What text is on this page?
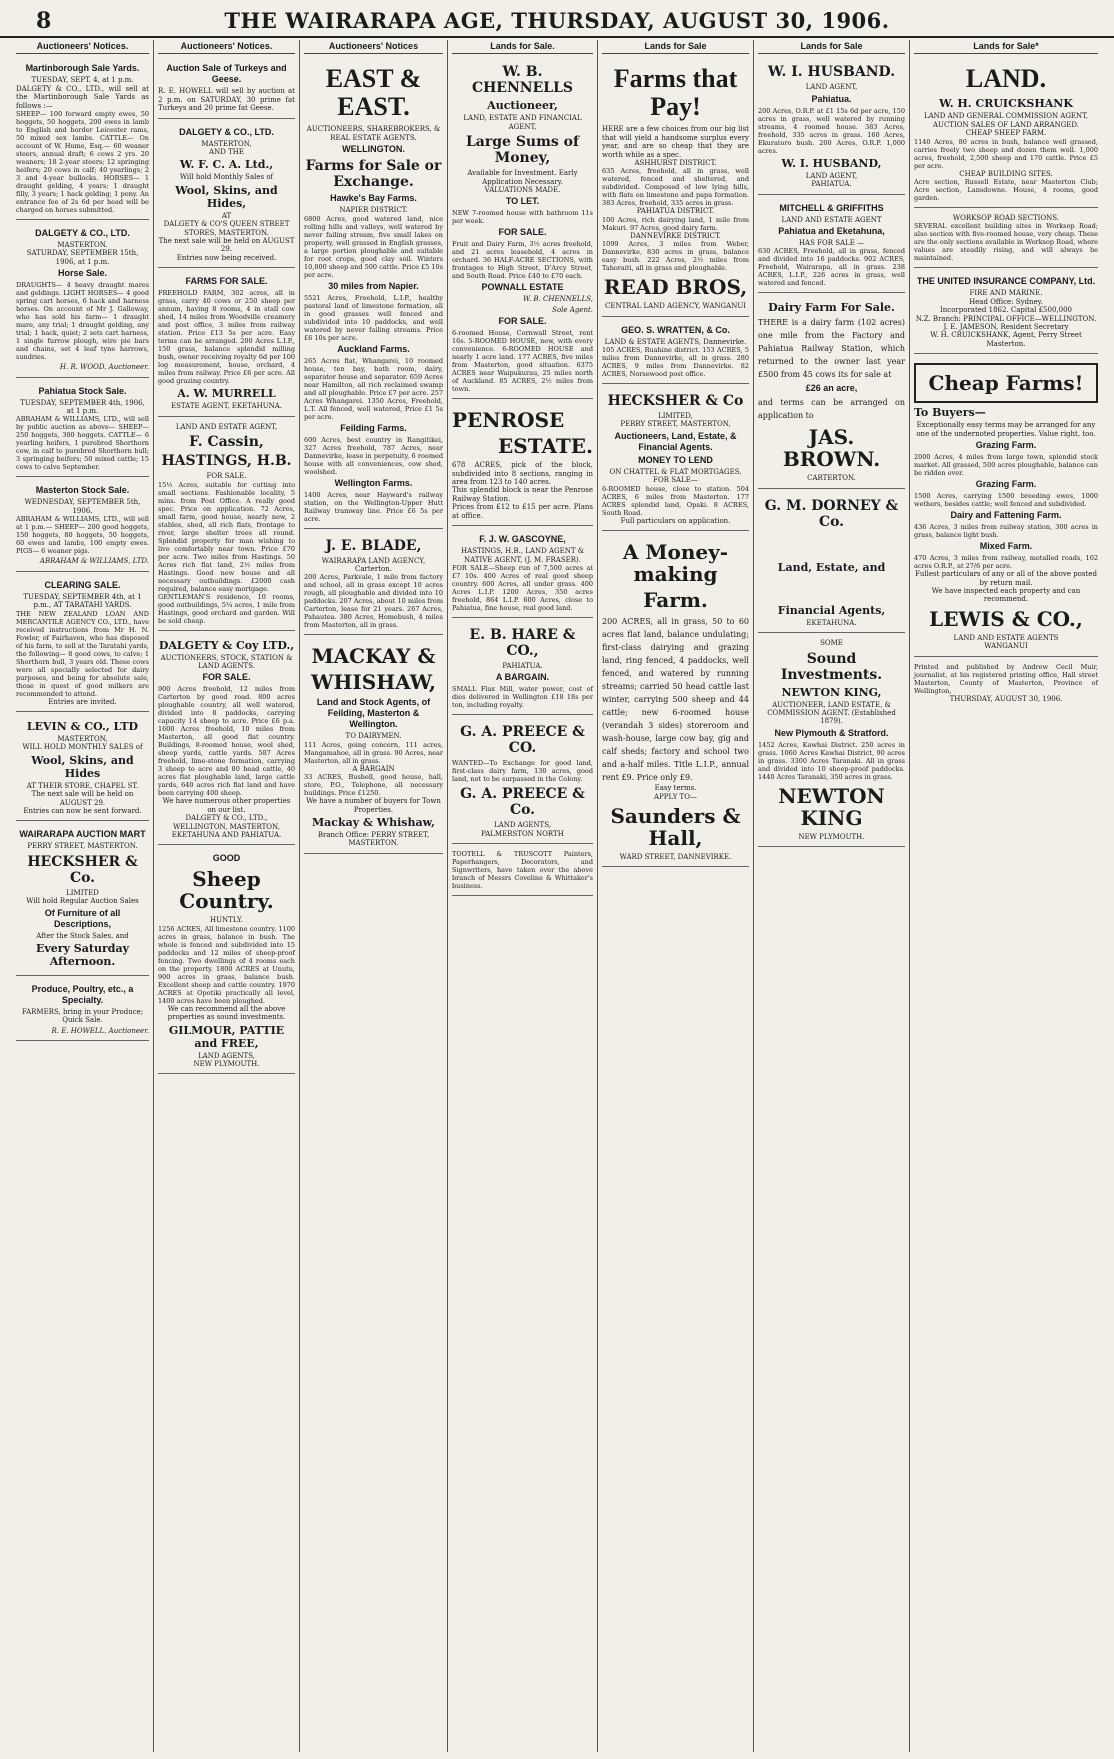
8	THE WAIRARAPA AGE, THURSDAY, AUGUST 30, 1906.
Auctioneers' Notices.
Martinborough Sale Yards.
TUESDAY, SEPT. 4, at 1 p.m.
DALGETY & CO., LTD., will sell at the Martinborough Sale Yards as follows :—
SHEEP— 100 forward empty ewes, 50 hoggets, 50 hoggets, 200 ewes in lamb to English and border Leicester rams, 50 mixed sex lambs. CATTLE— On account of W. Hume, Esq.— 60 weaner steers, annual draft; 6 cows 2 yrs. 20 weaners; 18 2-year steers; 12 springing heifers; 20 cows in calf; 40 yearlings; 2 3 and 4-year bullocks. HORSES— 1 draught gelding, 4 years; 1 draught filly, 3 years; 1 hack gelding; 1 pony. An entrance fee of 2s 6d per head will be charged on horses submitted.
DALGETY & CO., LTD.
MASTERTON.
SATURDAY, SEPTEMBER 15th, 1906, at 1 p.m.
Horse Sale.
DRAUGHTS— 4 heavy draught mares and geldings. LIGHT HORSES— 4 good spring cart horses, 6 hack and harness horses. On account of Mr J. Galloway, who has sold his farm— 1 draught mare, any trial; 1 draught gelding, any trial; 1 hack, quiet; 2 sets cart harness, 1 single furrow plough, wire pie bars and chains, set 4 leaf tyne harrows, sundries.
H. R. WOOD, Auctioneer.
Pahiatua Stock Sale.
TUESDAY, SEPTEMBER 4th, 1906, at 1 p.m.
ABRAHAM & WILLIAMS, LTD., will sell by public auction as above— SHEEP— 250 hoggets, 300 hoggets. CATTLE— 6 yearling heifers, 1 purebred Shorthorn cow, in calf to purebred Shorthorn bull; 3 springing heifers; 50 mixed cattle; 15 cows to calve September.
Masterton Stock Sale.
WEDNESDAY, SEPTEMBER 5th, 1906.
ABRAHAM & WILLIAMS, LTD., will sell at 1 p.m.— SHEEP— 200 good hoggets, 150 hoggets, 80 hoggets, 50 hoggets, 60 ewes and lambs, 100 empty ewes. PIGS— 6 weaner pigs.
ABRAHAM & WILLIAMS, LTD.
CLEARING SALE.
TUESDAY, SEPTEMBER 4th, at 1 p.m., AT TARATAHI YARDS.
THE NEW ZEALAND LOAN AND MERCANTILE AGENCY CO., LTD., have received instructions from Mr H. N. Fowler, of Fairhaven, who has disposed of his farm, to sell at the Taratahi yards, the following— 8 good cows, to calve; 1 Shorthorn bull, 3 years old. These cows were all specially selected for dairy purposes, and being for absolute sale, those in quest of good milkers are recommended to attend.
Entries are invited.
LEVIN & CO., LTD
MASTERTON,
WILL HOLD MONTHLY SALES of
Wool, Skins, and Hides
AT THEIR STORE, CHAPEL ST.
The next sale will be held on AUGUST 29.
Entries can now be sent forward.
WAIRARAPA AUCTION MART
PERRY STREET, MASTERTON.
HECKSHER & Co.
LIMITED
Will hold Regular Auction Sales
Of Furniture of all Descriptions,
After the Stock Sales, and
Every Saturday Afternoon.
Produce, Poultry, etc., a Specialty.
FARMERS, bring in your Produce; Quick Sale.
R. E. HOWELL, Auctioneer.
Auctioneers' Notices.
Auction Sale of Turkeys and Geese.
R. E. HOWELL will sell by auction at 2 p.m. on SATURDAY, 30 prime fat Turkeys and 20 prime fat Geese.
DALGETY & CO., LTD.
MASTERTON,
AND THE
W. F. C. A. Ltd.,
Will hold Monthly Sales of
Wool, Skins, and Hides,
AT
DALGETY & CO'S QUEEN STREET STORES, MASTERTON.
The next sale will be held on AUGUST 29.
Entries now being received.
FARMS FOR SALE.
FREEHOLD FARM, 302 acres, all in grass, carry 40 cows or 250 sheep per annum, having 8 rooms, 4 in stall cow shed, 14 miles from Woodville creamery and post office, 3 miles from railway station. Price £13 5s per acre. Easy terms can be arranged. 200 Acres L.I.P., 150 grass, balance splendid milling bush, owner receiving royalty 6d per 100 log measurement, house, orchard, 4 miles from railway. Price £6 per acre. All good grazing country.
A. W. MURRELL
ESTATE AGENT, EKETAHUNA.
LAND AND ESTATE AGENT,
F. Cassin,
HASTINGS, H.B.
FOR SALE.
15½ Acres, suitable for cutting into small sections. Fashionable locality, 5 mins. from Post Office. A really good spec. Price on application. 72 Acres, small farm, good house, nearly new, 2 stables, shed, all rich flats, frontage to river, large shelter trees all round. Splendid property for man wishing to live comfortably near town. Price £70 per acre. Two miles from Hastings. 50 Acres rich flat land, 2½ miles from Hastings. Good new house and all necessary outbuildings. £2000 cash required, balance easy mortgage.
GENTLEMAN'S residence, 10 rooms, good outbuildings, 5¼ acres, 1 mile from Hastings, good orchard and garden. Will be sold cheap.
DALGETY & Coy LTD.,
AUCTIONEERS, STOCK, STATION & LAND AGENTS.
FOR SALE.
900 Acres freehold, 12 miles from Carterton by good road. 800 acres ploughable country, all well watered, divided into 8 paddocks, carrying capacity 14 sheep to acre. Price £6 p.a. 1600 Acres freehold, 10 miles from Masterton, all good flat country. Buildings, 8-roomed house, wool shed, sheep yards, cattle yards. 587 Acres freehold, lime-stone formation, carrying 3 sheep to acre and 80 head cattle, 40 acres flat ploughable land, large cattle yards, 640 acres rich flat land and have been carrying 400 sheep.
We have numerous other properties on our list.
DALGETY & CO., LTD., WELLINGTON, MASTERTON, EKETAHUNA AND PAHIATUA.
GOOD
Sheep Country.
HUNTLY.
1256 ACRES, All limestone country. 1100 acres in grass, balance in bush. The whole is fenced and subdivided into 15 paddocks and 12 miles of sheep-proof fencing. Two dwellings of 4 rooms each on the property. 1800 ACRES at Unutu, 900 acres in grass, balance bush. Excellent sheep and cattle country. 1970 ACRES at Opotiki practically all level, 1400 acres have been ploughed.
We can recommend all the above properties as sound investments.
GILMOUR, PATTIE and FREE,
LAND AGENTS,
NEW PLYMOUTH.
Auctioneers' Notices
EAST & EAST.
AUCTIONEERS, SHAREBROKERS, & REAL ESTATE AGENTS.
WELLINGTON.
Farms for Sale or Exchange.
Hawke's Bay Farms.
NAPIER DISTRICT.
6800 Acres, good watered land, nice rolling hills and valleys, well watered by never failing stream, five small lakes on property, well grassed in English grasses, a large portion ploughable and suitable for root crops, good clay soil. Winters 10,000 sheep and 500 cattle. Price £5 10s per acre.
30 miles from Napier.
5521 Acres, Freehold, L.I.P., healthy pastoral land of limestone formation, all in good grasses well fenced and subdivided into 10 paddocks, and well watered by never failing streams. Price £6 10s per acre.
Auckland Farms.
265 Acres flat, Whangarei, 10 roomed house, ten bay, bath room, dairy, separator house and separator. 659 Acres near Hamilton, all rich reclaimed swamp and all ploughable. Price £7 per acre. 257 Acres Whangarei. 1350 Acres, Freehold, L.T. All fenced, well watered, Price £1 5s per acre.
Feilding Farms.
600 Acres, best country in Rangitikei, 327 Acres freehold, 787 Acres, near Dannevirke, lease in perpetuity, 6 roomed house with all conveniences, cow shed, woolshed.
Wellington Farms.
1400 Acres, near Hayward's railway station, on the Wellington-Upper Hutt Railway tramway line. Price £6 5s per acre.
J. E. BLADE,
WAIRARAPA LAND AGENCY, Carterton.
200 Acres, Parkvale, 1 mile from factory and school, all in grass except 10 acres rough, all ploughable and divided into 10 paddocks. 207 Acres, about 10 miles from Carterton, lease for 21 years. 267 Acres, Pahautea. 380 Acres, Homebush, 4 miles from Masterton, all in grass.
MACKAY &
WHISHAW,
Land and Stock Agents, of Feilding, Masterton & Wellington.
TO DAIRYMEN.
111 Acres, going concern, 111 acres, Mangamahoe, all in grass. 90 Acres, near Masterton, all in grass.
A BARGAIN
33 ACRES, Bushell, good house, hall, store, P.O., Telephone, all necessary buildings. Price £1250.
We have a number of buyers for Town Properties.
Mackay & Whishaw,
Branch Office: PERRY STREET, MASTERTON.
Lands for Sale.
W. B. CHENNELLS
Auctioneer,
LAND, ESTATE AND FINANCIAL AGENT,
Large Sums of Money,
Available for Investment. Early Application Necessary.
VALUATIONS MADE.
TO LET.
NEW 7-roomed house with bathroom 11s per week.
FOR SALE.
Fruit and Dairy Farm, 3½ acres freehold, and 21 acres leasehold, 4 acres in orchard. 36 HALF-ACRE SECTIONS, with frontages to High Street, D'Arcy Street, and South Road. Price £40 to £70 each.
POWNALL ESTATE
W. B. CHENNELLS,
Sole Agent.
FOR SALE.
6-roomed House, Cornwall Street, rent 16s. 5-ROOMED HOUSE, new, with every convenience. 6-ROOMED HOUSE and nearly 1 acre land. 177 ACRES, five miles from Masterton, good situation. 6375 ACRES near Waipukurau, 25 miles north of Auckland. 85 ACRES, 2½ miles from town.
PENROSE
ESTATE.
678 ACRES, pick of the block, subdivided into 8 sections, ranging in area from 123 to 140 acres.
This splendid block is near the Penrose Railway Station.
Prices from £12 to £15 per acre. Plans at office.
F. J. W. GASCOYNE,
HASTINGS, H.B., LAND AGENT & NATIVE AGENT, (J. M. FRASER).
FOR SALE—Sheep run of 7,500 acres at £7 10s. 400 Acres of real good sheep country. 600 Acres, all under grass. 400 Acres L.I.P. 1200 Acres, 350 acres freehold, 864 L.I.P. 600 Acres, close to Pahiatua, fine house, real good land.
E. B. HARE & CO.,
PAHIATUA.
A BARGAIN.
SMALL Flax Mill, water power, cost of dies delivered in Wellington £18 18s per ton, including royalty.
G. A. PREECE & CO.
WANTED—To Exchange for good land, first-class dairy farm, 130 acres, good land, not to be surpassed in the Colony.
G. A. PREECE & Co.
LAND AGENTS,
PALMERSTON NORTH
TOOTELL & TRUSCOTT Painters, Paperhangers, Decorators, and Signwriters, have taken over the above branch of Messrs Coveline & Whittaker's business.
Lands for Sale
Farms that Pay!
HERE are a few choices from our big list that will yield a handsome surplus every year, and are so cheap that they are worth while as a spec.
ASHHURST DISTRICT.
635 Acres, freehold, all in grass, well watered, fenced and sheltered, and subdivided. Composed of low lying hills, with flats on limestone and papa formation. 383 Acres, freehold, 335 acres in grass.
PAHIATUA DISTRICT.
100 Acres, rich dairying land, 1 mile from Makuri. 97 Acres, good dairy farm.
DANNEVIRKE DISTRICT.
1099 Acres, 3 miles from Weber, Dannevirke, 830 acres in grass, balance easy bush. 222 Acres, 2½ miles from Tahoraiti, all in grass and ploughable.
READ BROS,
CENTRAL LAND AGENCY, WANGANUI
GEO. S. WRATTEN, & Co.
LAND & ESTATE AGENTS, Dannevirke.
105 ACRES, Ruahine district. 153 ACRES, 5 miles from Dannevirke, all in grass. 280 ACRES, 9 miles from Dannevirke. 82 ACRES, Norsewood post office.
HECKSHER & Co
LIMITED,
PERRY STREET, MASTERTON,
Auctioneers, Land, Estate, & Financial Agents.
MONEY TO LEND
ON CHATTEL & FLAT MORTGAGES.
FOR SALE—
6-ROOMED house, close to station. 504 ACRES, 6 miles from Masterton. 177 ACRES splendid land, Opaki. 8 ACRES, South Road.
Full particulars on application.
A Money-making
Farm.
200 ACRES, all in grass, 50 to 60 acres flat land, balance undulating; first-class dairying and grazing land, ring fenced, 4 paddocks, well fenced, and watered by running streams; carried 50 head cattle last winter, carrying 500 sheep and 44 cattle; new 6-roomed house (verandah 3 sides) storeroom and wash-house, large cow bay, gig and calf sheds; factory and school two and a-half miles. Title L.I.P., annual rent £9. Price only £9.
Easy terms.
APPLY TO—
Saunders & Hall,
WARD STREET, DANNEVIRKE.
Lands for Sale
W. I. HUSBAND.
LAND AGENT,
Pahiatua.
200 Acres, O.R.P. at £1 15s 6d per acre, 150 acres in grass, well watered by running streams, 4 roomed house. 383 Acres, freehold, 335 acres in grass. 160 Acres, Ekuratoro bush. 200 Acres, O.R.P. 1,000 acres.
W. I. HUSBAND,
LAND AGENT,
PAHIATUA.
MITCHELL & GRIFFITHS
LAND AND ESTATE AGENT
Pahiatua and Eketahuna,
HAS FOR SALE —
630 ACRES, Freehold, all in grass, fenced and divided into 16 paddocks. 902 ACRES, Freehold, Wairarapa, all in grass. 238 ACRES, L.I.P., 226 acres in grass, well watered and fenced.
Dairy Farm For Sale.
THERE is a dairy farm (102 acres) one mile from the Factory and Pahiatua Railway Station, which returned to the owner last year £500 from 45 cows its for sale at
£26 an acre,
and terms can be arranged on application to
JAS. BROWN.
CARTERTON.
G. M. DORNEY & Co.
Land, Estate, and
Financial Agents,
EKETAHUNA.
SOME
Sound Investments.
NEWTON KING,
AUCTIONEER, LAND ESTATE, & COMMISSION AGENT. (Established 1879).
New Plymouth & Stratford.
1452 Acres, Kawhai District. 250 acres in grass. 1060 Acres Kawhai District, 90 acres in grass. 3300 Acres Taranaki. All in grass and divided into 10 sheep-proof paddocks. 1440 Acres Taranaki, 350 acres in grass.
NEWTON KING
NEW PLYMOUTH.
Lands for Sale*
LAND.
W. H. CRUICKSHANK
LAND AND GENERAL COMMISSION AGENT, AUCTION SALES OF LAND ARRANGED.
CHEAP SHEEP FARM.
1140 Acres, 80 acres in bush, balance well grassed, carries freely two sheep and dozen them well. 1,000 acres, freehold, 2,500 sheep and 170 cattle. Price £5 per acre.
CHEAP BUILDING SITES.
Acre section, Russell Estate, near Masterton Club; Acre section, Lansdowne. House, 4 rooms, good garden.
WORKSOP ROAD SECTIONS.
SEVERAL excellent building sites in Worksop Road; also section with five-roomed house, very cheap. These are the only sections available in Worksop Road, where values are steadily rising, and will always be maintained.
THE UNITED INSURANCE COMPANY, Ltd.
FIRE AND MARINE.
Head Office: Sydney.
Incorporated 1862. Capital £500,000
N.Z. Branch: PRINCIPAL OFFICE—WELLINGTON.
J. E. JAMESON, Resident Secretary
W. H. CRUICKSHANK, Agent, Perry Street Masterton.
Cheap Farms!
To Buyers—
Exceptionally easy terms may be arranged for any one of the undernoted properties. Value right, too.
Grazing Farm.
2000 Acres, 4 miles from large town, splendid stock market. All grassed, 500 acres ploughable, balance can be ridden over.
Grazing Farm.
1500 Acres, carrying 1500 breeding ewes, 1000 wethers, besides cattle; well fenced and subdivided.
Dairy and Fattening Farm.
436 Acres, 3 miles from railway station, 300 acres in grass, balance light bush.
Mixed Farm.
470 Acres, 3 miles from railway, metalled roads, 102 acres O.R.P., at 27/6 per acre.
Fullest particulars of any or all of the above posted by return mail.
We have inspected each property and can recommend.
LEWIS & CO.,
LAND AND ESTATE AGENTS
WANGANUI
Printed and published by Andrew Cecil Muir, journalist, at his registered printing office, Hall street Masterton, County of Masterton, Province of Wellington,
THURSDAY, AUGUST 30, 1906.
